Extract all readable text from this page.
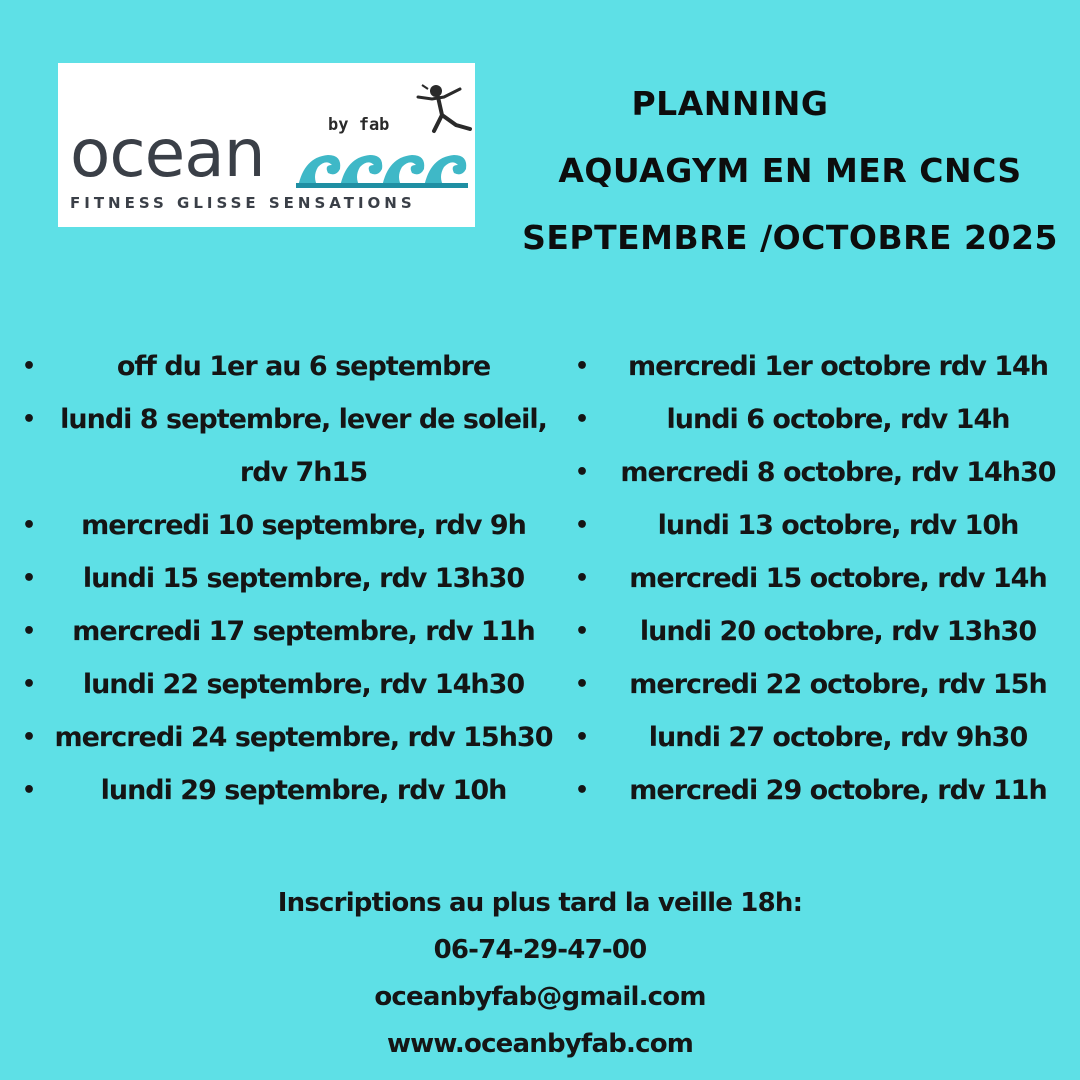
by fab
ocean
FITNESS GLISSE SENSATIONS
PLANNING
AQUAGYM EN MER CNCS
SEPTEMBRE /OCTOBRE 2025
•	off du 1er au 6 septembre
• lundi 8 septembre, lever de soleil, rdv 7h15
• mercredi 10 septembre, rdv 9h
• lundi 15 septembre, rdv 13h30
• mercredi 17 septembre, rdv 11h
• lundi 22 septembre, rdv 14h30
• mercredi 24 septembre, rdv 15h30
• lundi 29 septembre, rdv 10h
• mercredi 1er octobre rdv 14h
•	lundi 6 octobre, rdv 14h
• mercredi 8 octobre, rdv 14h30
•	lundi 13 octobre, rdv 10h
• mercredi 15 octobre, rdv 14h
• lundi 20 octobre, rdv 13h30
• mercredi 22 octobre, rdv 15h
• lundi 27 octobre, rdv 9h30
• mercredi 29 octobre, rdv 11h
Inscriptions au plus tard la veille 18h:
06-74-29-47-00
oceanbyfab@gmail.com
www.oceanbyfab.com
